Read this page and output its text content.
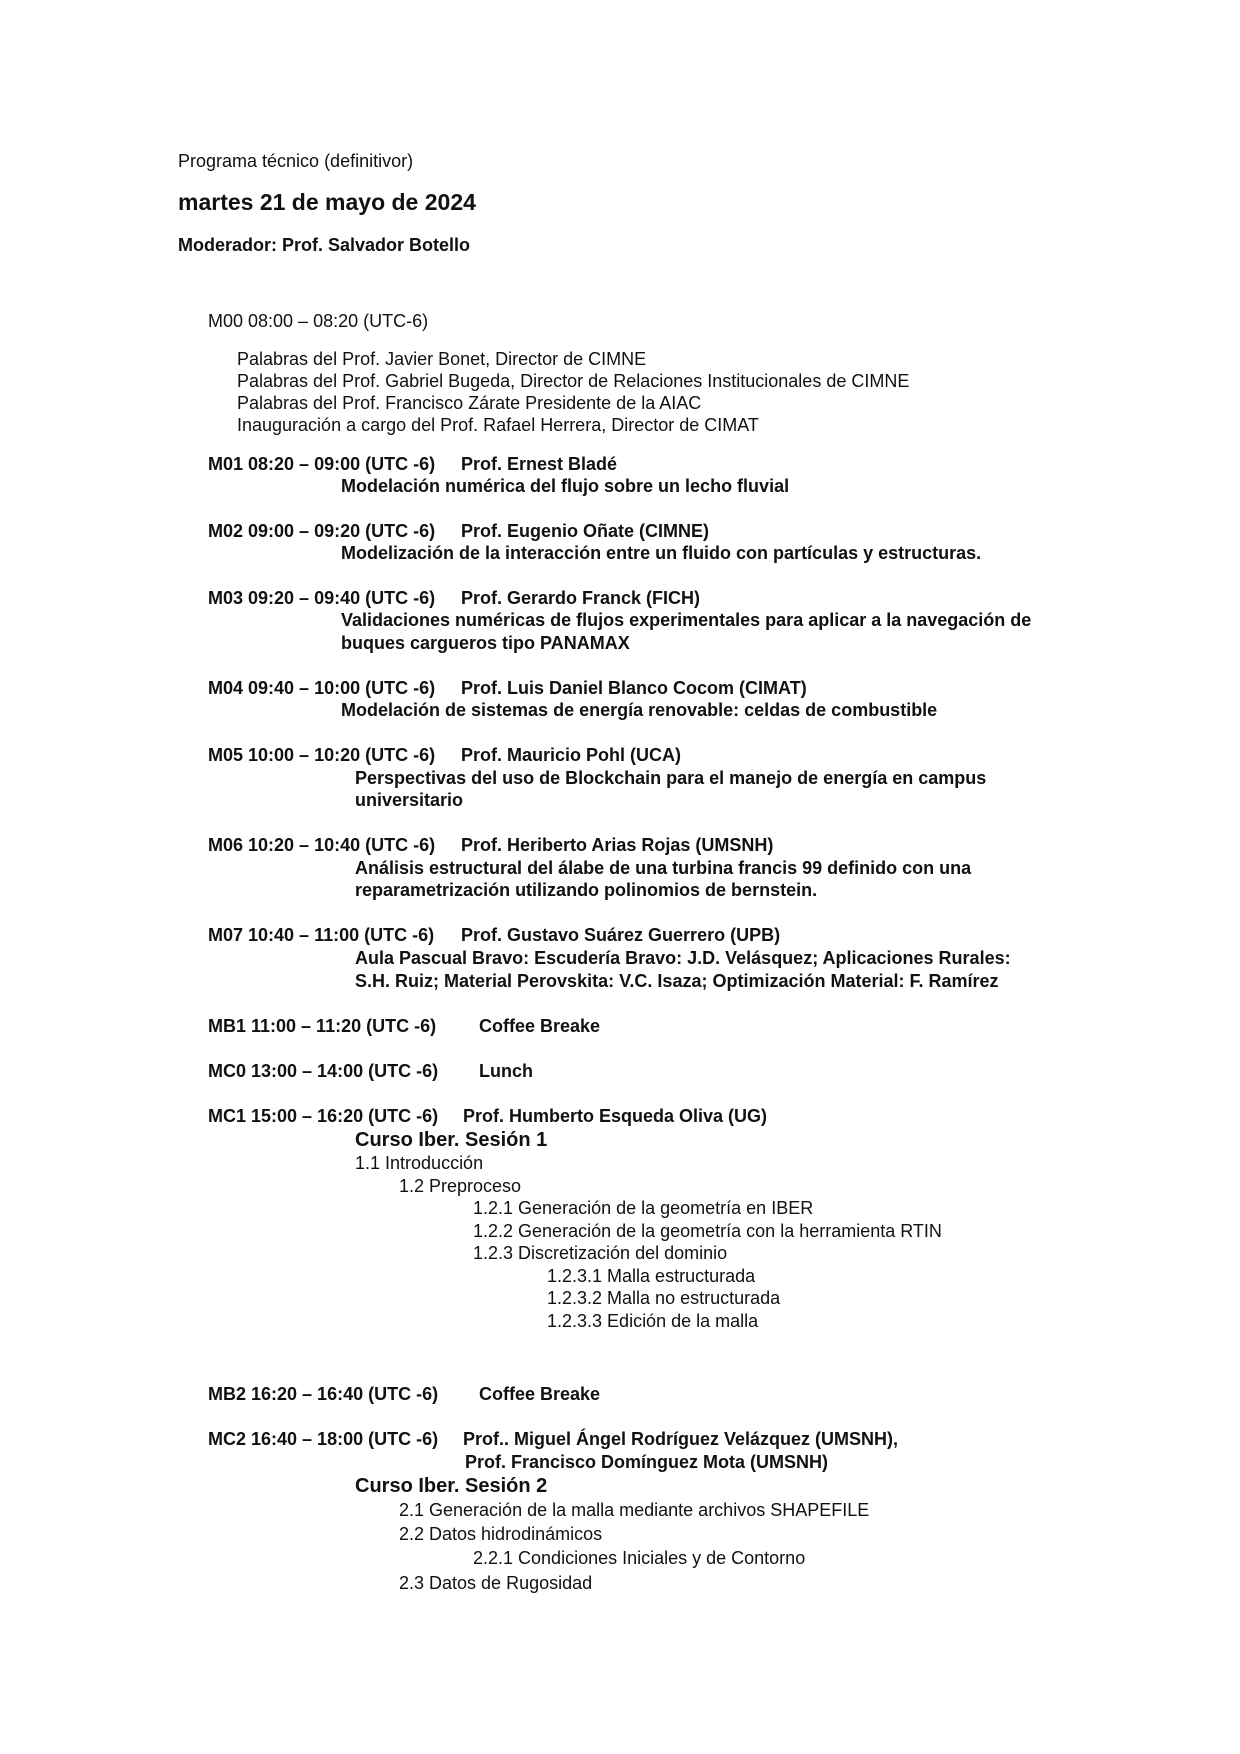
Programa técnico (definitivor)
martes 21 de mayo de 2024
Moderador: Prof. Salvador Botello
M00 08:00 – 08:20 (UTC-6)
Palabras del Prof. Javier Bonet, Director de CIMNE
Palabras del Prof. Gabriel Bugeda, Director de Relaciones Institucionales de CIMNE
Palabras del Prof. Francisco Zárate Presidente de la AIAC
Inauguración a cargo del Prof. Rafael Herrera, Director de CIMAT
M01 08:20 – 09:00 (UTC -6) Prof. Ernest Bladé
Modelación numérica del flujo sobre un lecho fluvial
M02 09:00 – 09:20 (UTC -6) Prof. Eugenio Oñate (CIMNE)
Modelización de la interacción entre un fluido con partículas y estructuras.
M03 09:20 – 09:40 (UTC -6) Prof. Gerardo Franck (FICH)
Validaciones numéricas de flujos experimentales para aplicar a la navegación de
buques cargueros tipo PANAMAX
M04 09:40 – 10:00 (UTC -6) Prof. Luis Daniel Blanco Cocom (CIMAT)
Modelación de sistemas de energía renovable: celdas de combustible
M05 10:00 – 10:20 (UTC -6) Prof. Mauricio Pohl (UCA)
Perspectivas del uso de Blockchain para el manejo de energía en campus
universitario
M06 10:20 – 10:40 (UTC -6) Prof. Heriberto Arias Rojas (UMSNH)
Análisis estructural del álabe de una turbina francis 99 definido con una
reparametrización utilizando polinomios de bernstein.
M07 10:40 – 11:00 (UTC -6) Prof. Gustavo Suárez Guerrero (UPB)
Aula Pascual Bravo: Escudería Bravo: J.D. Velásquez; Aplicaciones Rurales:
S.H. Ruiz; Material Perovskita: V.C. Isaza; Optimización Material: F. Ramírez
MB1 11:00 – 11:20 (UTC -6) Coffee Breake
MC0 13:00 – 14:00 (UTC -6) Lunch
MC1 15:00 – 16:20 (UTC -6) Prof. Humberto Esqueda Oliva (UG)
Curso Iber. Sesión 1
1.1 Introducción
1.2 Preproceso
1.2.1 Generación de la geometría en IBER
1.2.2 Generación de la geometría con la herramienta RTIN
1.2.3 Discretización del dominio
1.2.3.1 Malla estructurada
1.2.3.2 Malla no estructurada
1.2.3.3 Edición de la malla
MB2 16:20 – 16:40 (UTC -6) Coffee Breake
MC2 16:40 – 18:00 (UTC -6) Prof.. Miguel Ángel Rodríguez Velázquez (UMSNH),
Prof. Francisco Domínguez Mota (UMSNH)
Curso Iber. Sesión 2
2.1 Generación de la malla mediante archivos SHAPEFILE
2.2 Datos hidrodinámicos
2.2.1 Condiciones Iniciales y de Contorno
2.3 Datos de Rugosidad
